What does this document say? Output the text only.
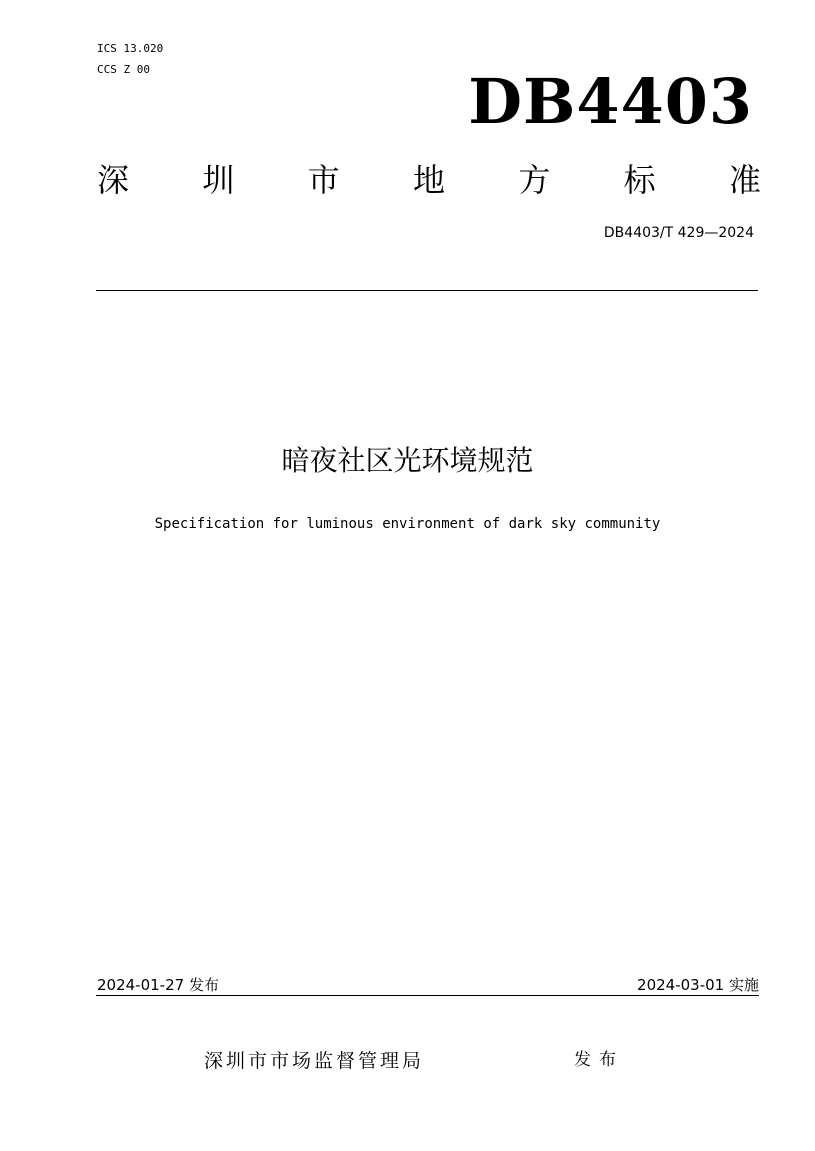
ICS 13.020
CCS Z 00	DB4403
深 圳 市 地 方 标 准
DB4403/T 429—2024
暗夜社区光环境规范
Specification for luminous environment of dark sky community
2024-01-27 发布	2024-03-01 实施
深圳市市场监督管理局	发布
